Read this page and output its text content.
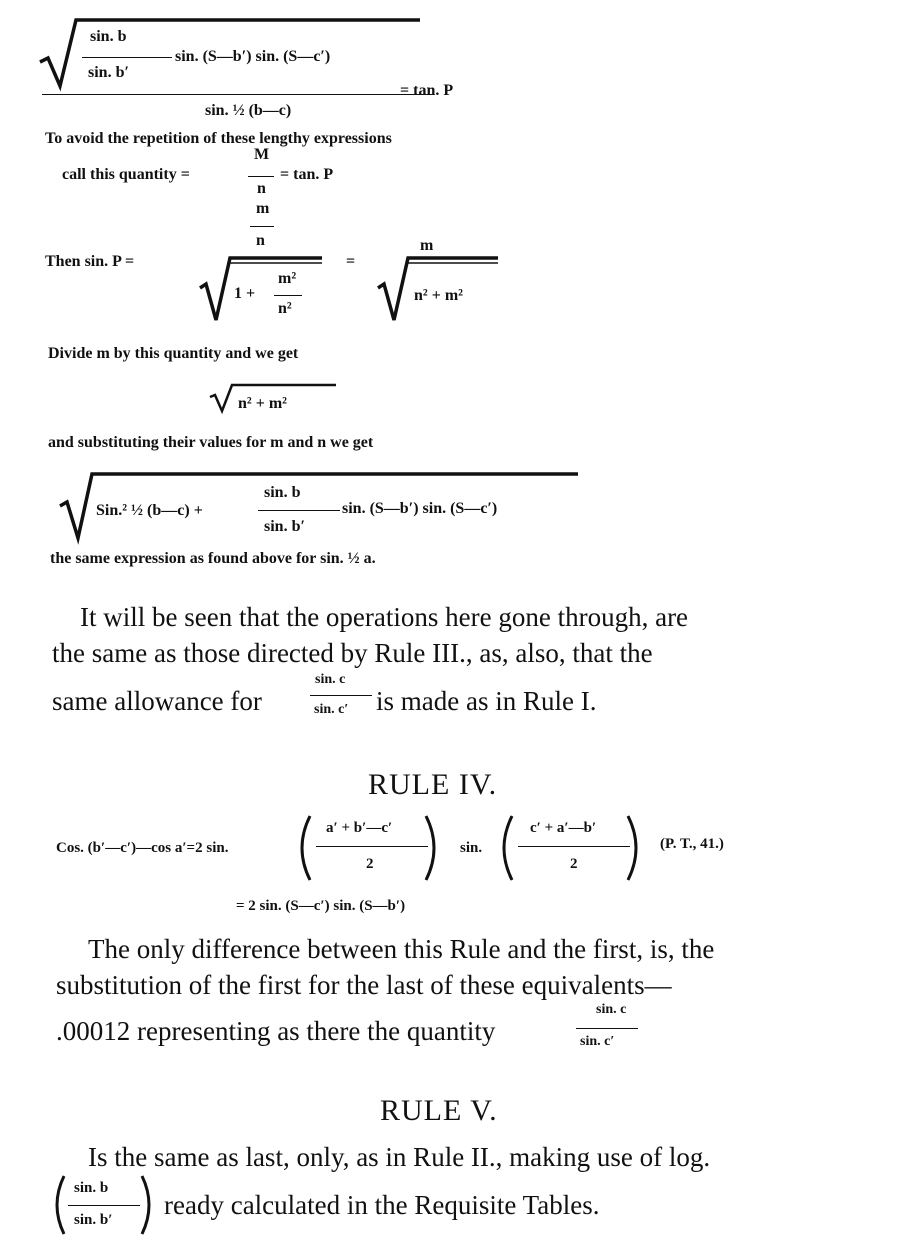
sin. b
sin. b′
sin. (S—b′) sin. (S—c′)
= tan. P
sin. ½ (b—c)
To avoid the repetition of these lengthy expressions
call this quantity =
M
n
= tan. P
m
n
Then sin. P =
1 +
m²
n²
=
m
n² + m²
Divide m by this quantity and we get
n² + m²
and substituting their values for m and n we get
Sin.² ½ (b—c) +
sin. b
sin. b′
sin. (S—b′) sin. (S—c′)
the same expression as found above for sin. ½ a.
It will be seen that the operations here gone through, are
the same as those directed by Rule III., as, also, that the
same allowance for
sin. c
sin. c′ is made as in Rule I.
RULE IV.
Cos. (b′—c′)—cos a′=2 sin.
a′ + b′—c′
2
sin.
c′ + a′—b′
2
(P. T., 41.)
= 2 sin. (S—c′) sin. (S—b′)
The only difference between this Rule and the first, is, the
substitution of the first for the last of these equivalents—
.00012 representing as there the quantity
sin. c
sin. c′
RULE V.
Is the same as last, only, as in Rule II., making use of log.
sin. b
sin. b′ ready calculated in the Requisite Tables.
